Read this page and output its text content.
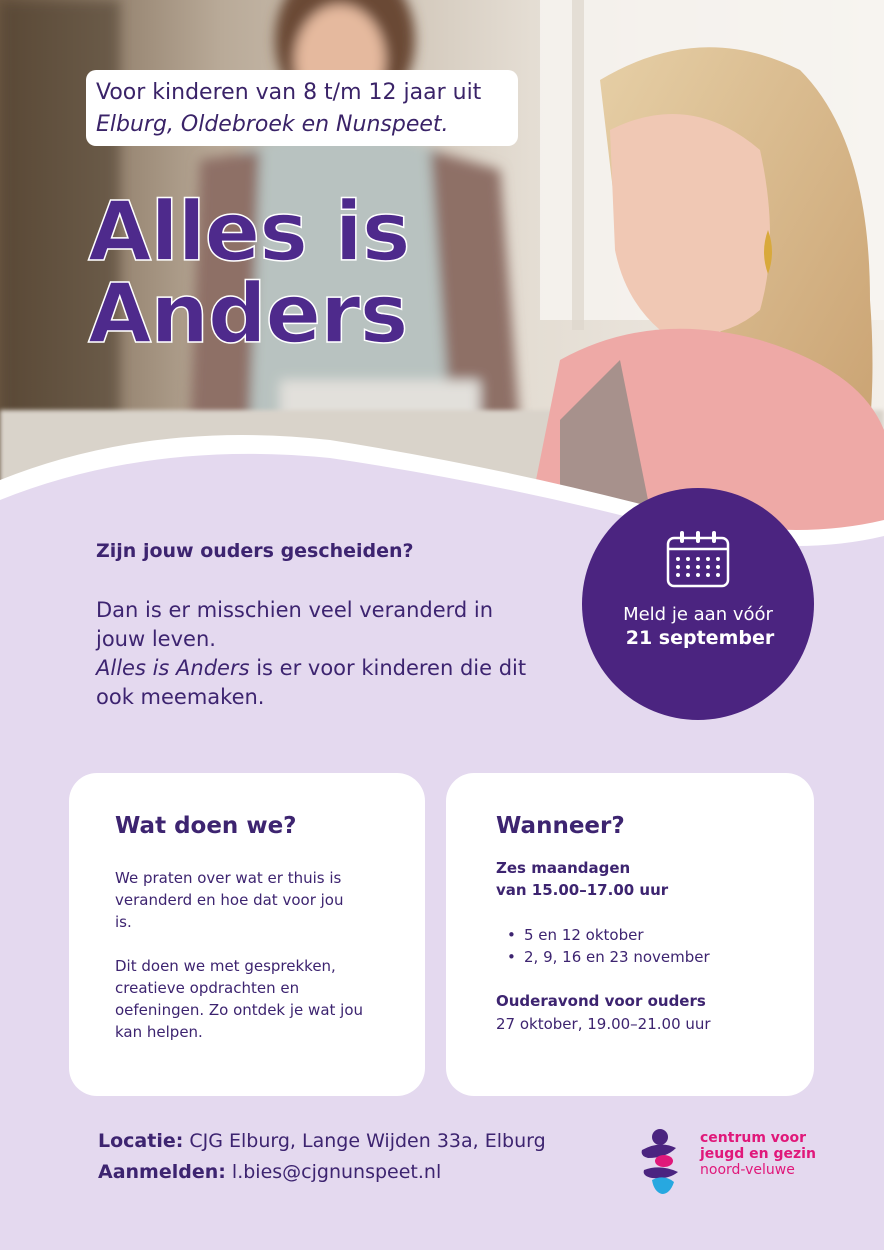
Voor kinderen van 8 t/m 12 jaar uit
Elburg, Oldebroek en Nunspeet.
Alles is
Anders
Zijn jouw ouders gescheiden?
Dan is er misschien veel veranderd in
jouw leven.
Alles is Anders is er voor kinderen die dit
ook meemaken.
Meld je aan vóór
21 september
Wat doen we?
We praten over wat er thuis is
veranderd en hoe dat voor jou
is.
Dit doen we met gesprekken,
creatieve opdrachten en
oefeningen. Zo ontdek je wat jou
kan helpen.
Wanneer?
Zes maandagen
van 15.00–17.00 uur
• 5 en 12 oktober
• 2, 9, 16 en 23 november
Ouderavond voor ouders
27 oktober, 19.00–21.00 uur
Locatie: CJG Elburg, Lange Wijden 33a, Elburg
Aanmelden: l.bies@cjgnunspeet.nl
centrum voor
jeugd en gezin
noord-veluwe
